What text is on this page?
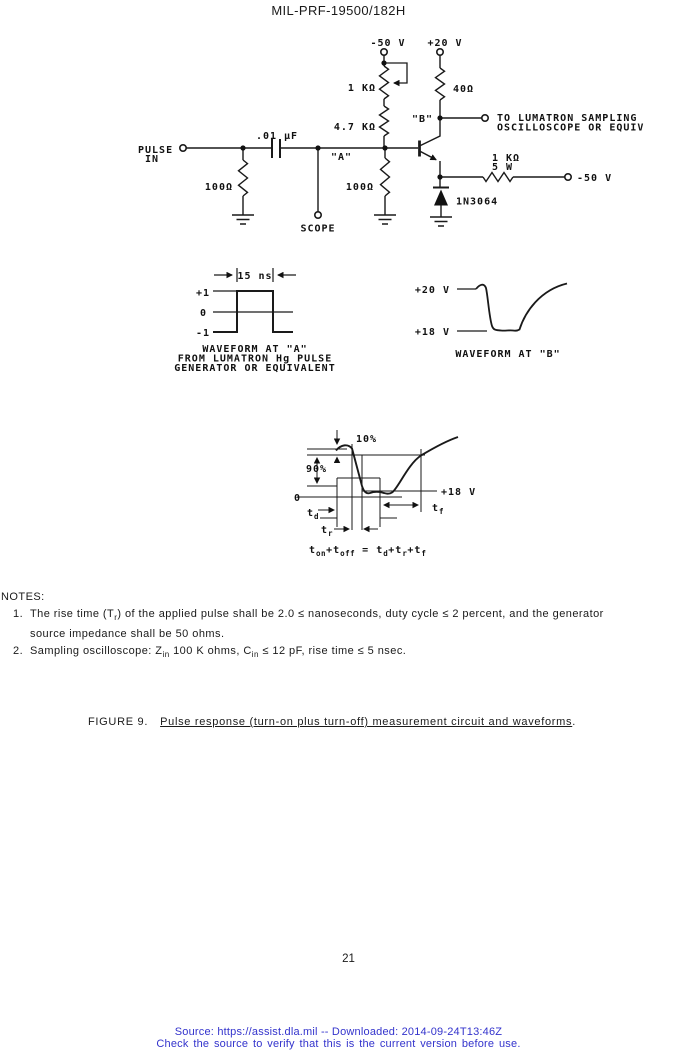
MIL-PRF-19500/182H
-50 V +20 V
1 KΩ	40Ω
4.7 KΩ
"B"	TO LUMATRON SAMPLING
OSCILLOSCOPE OR EQUIV
.01 μF
PULSE
IN	"A"
100Ω	100Ω
SCOPE
1 KΩ
5 W
-50 V
1N3064
15 ns
+1
0
-1
WAVEFORM AT "A"
FROM LUMATRON Hg PULSE
GENERATOR OR EQUIVALENT
+20 V
+18 V
WAVEFORM AT "B"
10%
90%
0
+18 V
$t_d$
$t_r$
$t_f$
$t_{on}+t_{off} = t_d+t_r+t_f$
NOTES:
1. The rise time $(T_r)$ of the applied pulse shall be 2.0 ≤ nanoseconds, duty cycle ≤ 2 percent, and the generator
source impedance shall be 50 ohms.
2. Sampling oscilloscope: $Z_{in}$ 100 K ohms, $C_{in} \le 12$ pF, rise time ≤ 5 nsec.
FIGURE 9. Pulse response (turn-on plus turn-off) measurement circuit and waveforms.
21
Source: https://assist.dla.mil -- Downloaded: 2014-09-24T13:46Z
Check the source to verify that this is the current version before use.
